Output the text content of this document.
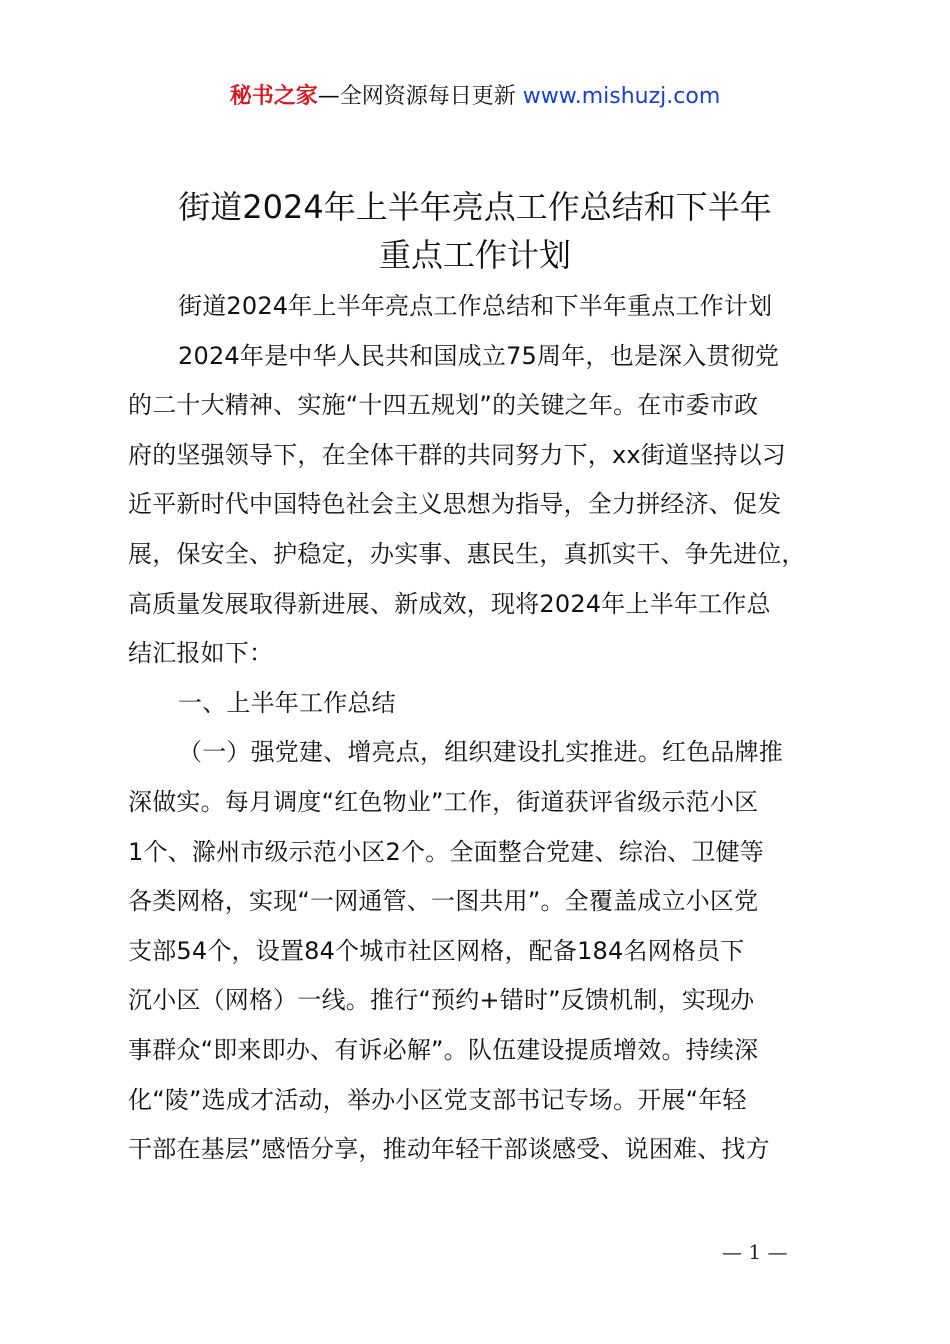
秘书之家—全网资源每日更新 www.mishuzj.com
街道2024年上半年亮点工作总结和下半年
重点工作计划
街道2024年上半年亮点工作总结和下半年重点工作计划
2024年是中华人民共和国成立75周年，也是深入贯彻党
的二十大精神、实施“十四五规划”的关键之年。在市委市政
府的坚强领导下，在全体干群的共同努力下，xx街道坚持以习
近平新时代中国特色社会主义思想为指导，全力拼经济、促发
展，保安全、护稳定，办实事、惠民生，真抓实干、争先进位，
高质量发展取得新进展、新成效，现将2024年上半年工作总
结汇报如下：
一、上半年工作总结
（一）强党建、增亮点，组织建设扎实推进。红色品牌推
深做实。每月调度“红色物业”工作，街道获评省级示范小区
1个、滁州市级示范小区2个。全面整合党建、综治、卫健等
各类网格，实现“一网通管、一图共用”。全覆盖成立小区党
支部54个，设置84个城市社区网格，配备184名网格员下
沉小区（网格）一线。推行“预约+错时”反馈机制，实现办
事群众“即来即办、有诉必解”。队伍建设提质增效。持续深
化“陵”选成才活动，举办小区党支部书记专场。开展“年轻
干部在基层”感悟分享，推动年轻干部谈感受、说困难、找方
— 1 —
